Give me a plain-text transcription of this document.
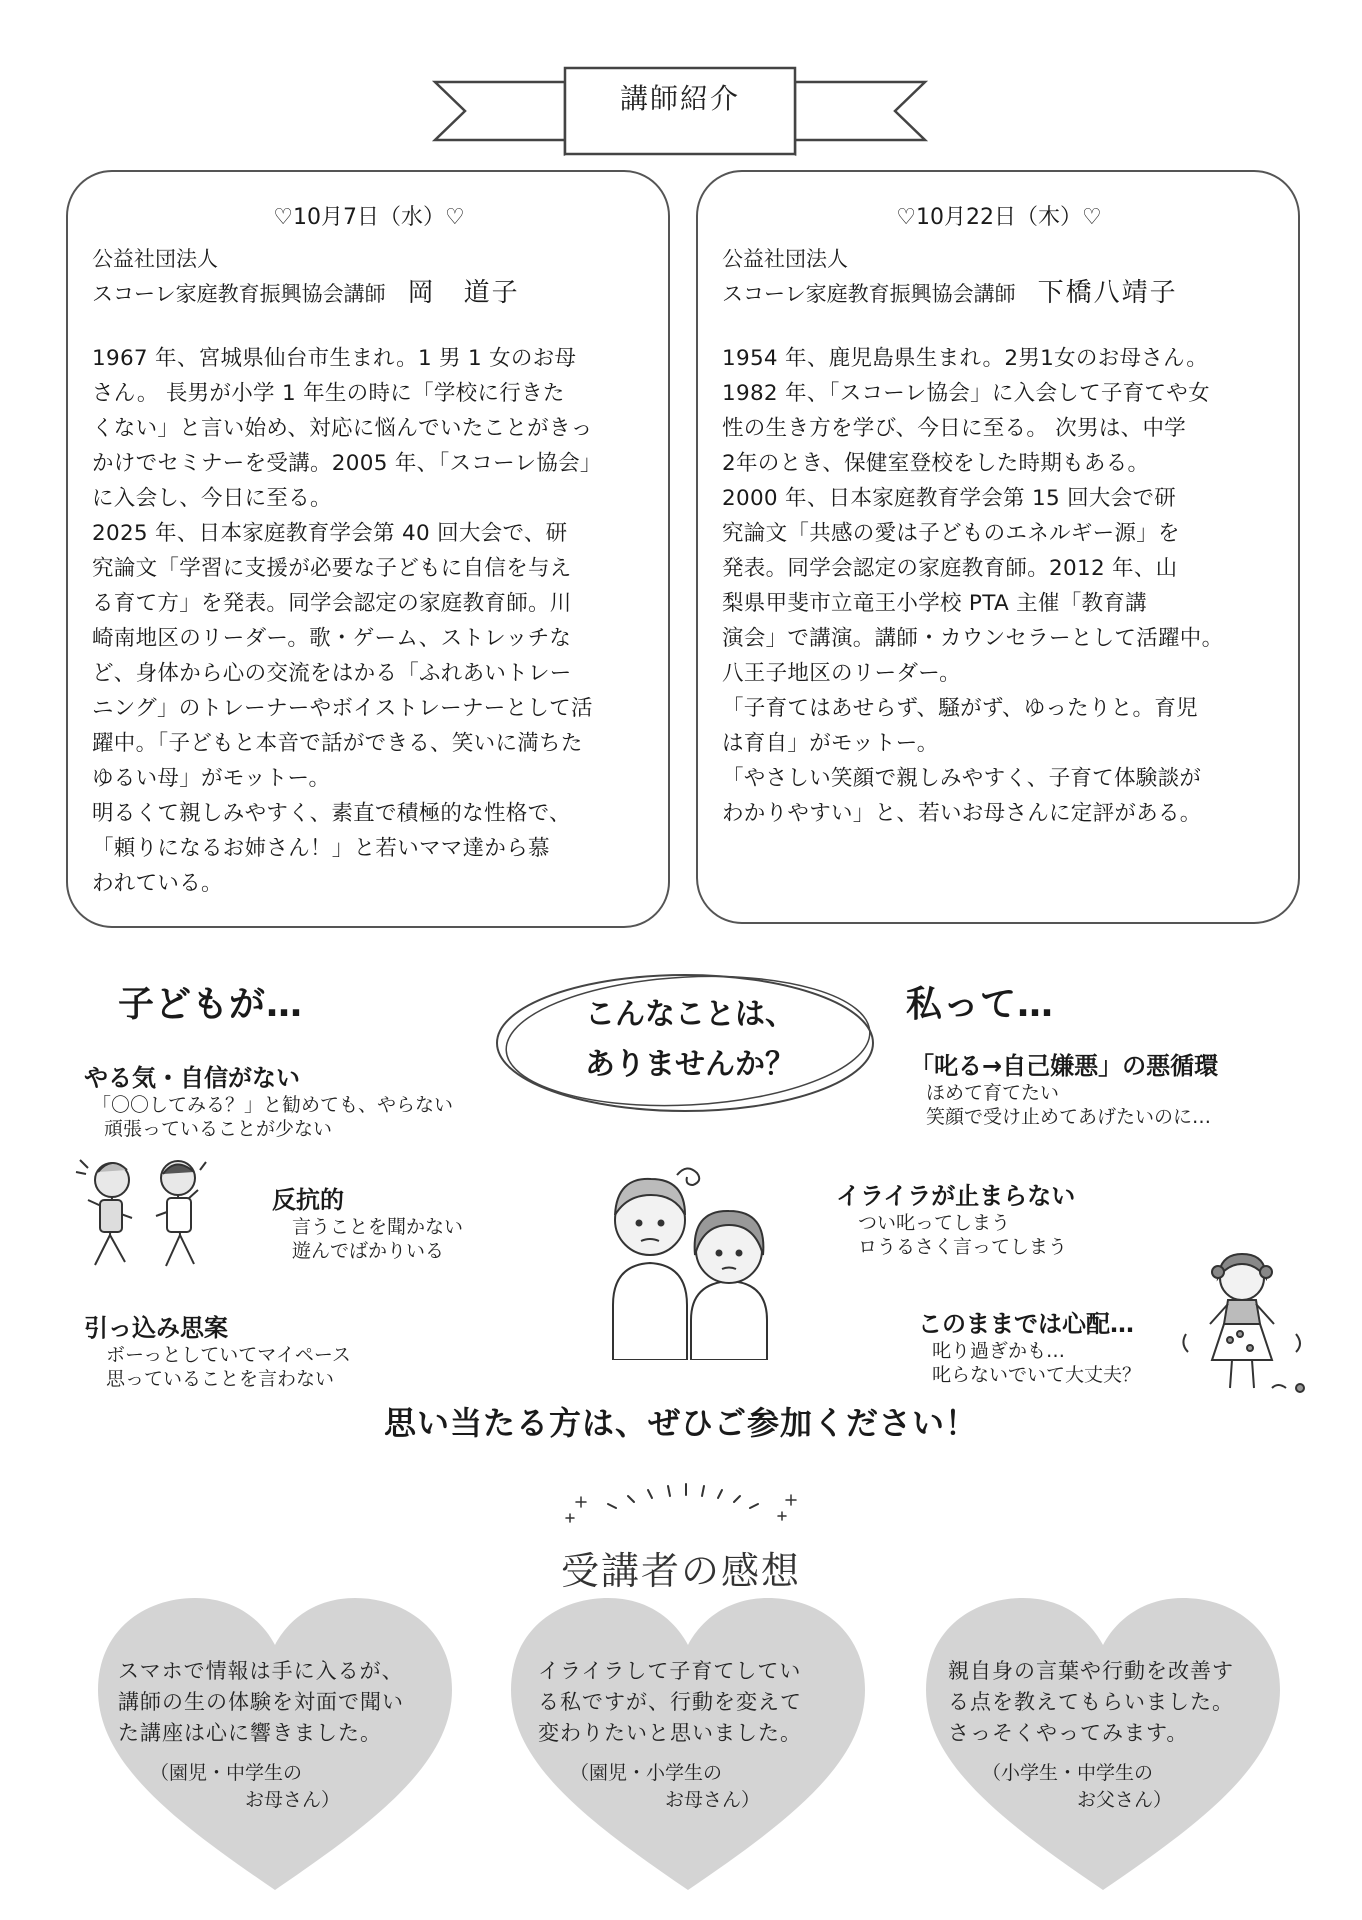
講師紹介
♡10月7日（水）♡
公益社団法人
スコーレ家庭教育振興協会講師 岡　道子
1967 年、宮城県仙台市生まれ。1 男 1 女のお母
さん。 長男が小学 1 年生の時に「学校に行きた
くない」と言い始め、対応に悩んでいたことがきっ
かけでセミナーを受講。2005 年、「スコーレ協会」
に入会し、今日に至る。
2025 年、日本家庭教育学会第 40 回大会で、研
究論文「学習に支援が必要な子どもに自信を与え
る育て方」を発表。同学会認定の家庭教育師。川
崎南地区のリーダー。歌・ゲーム、ストレッチな
ど、身体から心の交流をはかる「ふれあいトレー
ニング」のトレーナーやボイストレーナーとして活
躍中。「子どもと本音で話ができる、笑いに満ちた
ゆるい母」がモットー。
明るくて親しみやすく、素直で積極的な性格で、
「頼りになるお姉さん！」と若いママ達から慕
われている。
♡10月22日（木）♡
公益社団法人
スコーレ家庭教育振興協会講師 下橋八靖子
1954 年、鹿児島県生まれ。2男1女のお母さん。
1982 年、「スコーレ協会」に入会して子育てや女
性の生き方を学び、今日に至る。 次男は、中学
2年のとき、保健室登校をした時期もある。
2000 年、日本家庭教育学会第 15 回大会で研
究論文「共感の愛は子どものエネルギー源」を
発表。同学会認定の家庭教育師。2012 年、山
梨県甲斐市立竜王小学校 PTA 主催「教育講
演会」で講演。講師・カウンセラーとして活躍中。
八王子地区のリーダー。
「子育てはあせらず、騒がず、ゆったりと。育児
は育自」がモットー。
「やさしい笑顔で親しみやすく、子育て体験談が
わかりやすい」と、若いお母さんに定評がある。
子どもが…	私って…
こんなことは、
ありませんか？
やる気・自信がない
「〇〇してみる？」と勧めても、やらない
頑張っていることが少ない
反抗的
言うことを聞かない
遊んでばかりいる
引っ込み思案
ボーっとしていてマイペース
思っていることを言わない
「叱る→自己嫌悪」の悪循環
ほめて育てたい
笑顔で受け止めてあげたいのに…
イライラが止まらない
つい叱ってしまう
ロうるさく言ってしまう
このままでは心配…
叱り過ぎかも…
叱らないでいて大丈夫？
思い当たる方は、ぜひご参加ください！
受講者の感想
スマホで情報は手に入るが、
講師の生の体験を対面で聞い
た講座は心に響きました。
（園児・中学生の
　　　　　お母さん）
イライラして子育てしてい
る私ですが、行動を変えて
変わりたいと思いました。
（園児・小学生の
　　　　　お母さん）
親自身の言葉や行動を改善す
る点を教えてもらいました。
さっそくやってみます。
（小学生・中学生の
　　　　　お父さん）
